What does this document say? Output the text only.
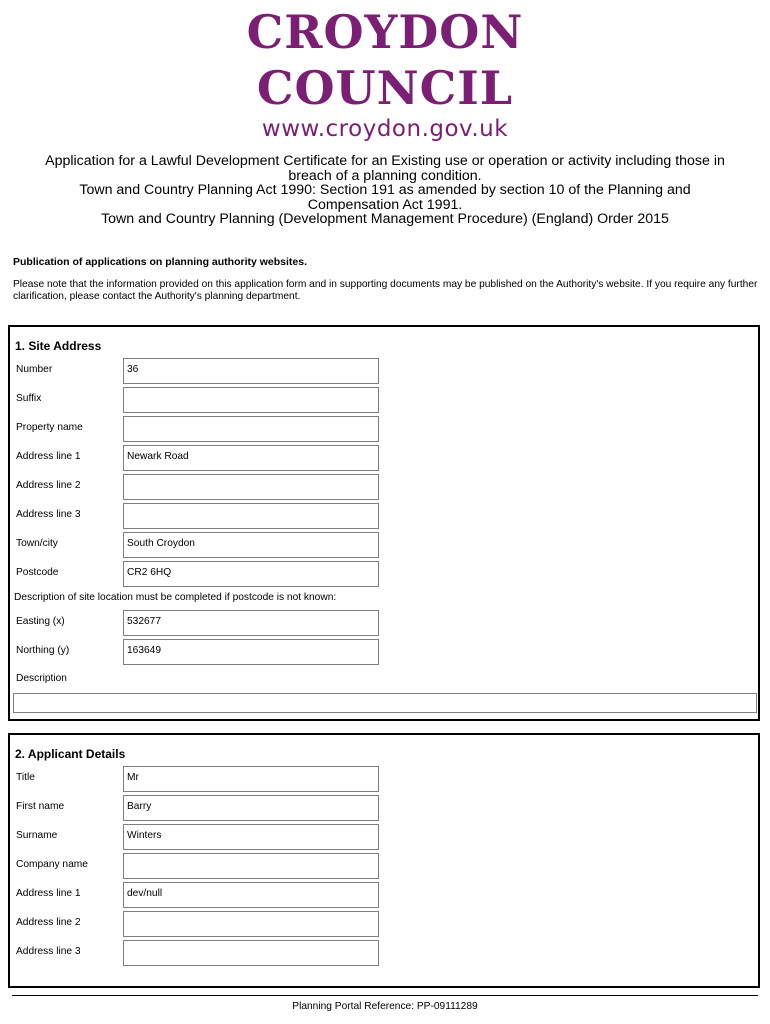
CROYDON
COUNCIL
www.croydon.gov.uk
Application for a Lawful Development Certificate for an Existing use or operation or activity including those in
breach of a planning condition.
Town and Country Planning Act 1990: Section 191 as amended by section 10 of the Planning and
Compensation Act 1991.
Town and Country Planning (Development Management Procedure) (England) Order 2015
Publication of applications on planning authority websites.
Please note that the information provided on this application form and in supporting documents may be published on the Authority's website. If you require any further clarification, please contact the Authority's planning department.
1. Site Address
Number	36
Suffix
Property name
Address line 1	Newark Road
Address line 2
Address line 3
Town/city	South Croydon
Postcode	CR2 6HQ
Description of site location must be completed if postcode is not known:
Easting (x)	532677
Northing (y)	163649
Description
2. Applicant Details
Title	Mr
First name	Barry
Surname	Winters
Company name
Address line 1	dev/null
Address line 2
Address line 3
Planning Portal Reference: PP-09111289
